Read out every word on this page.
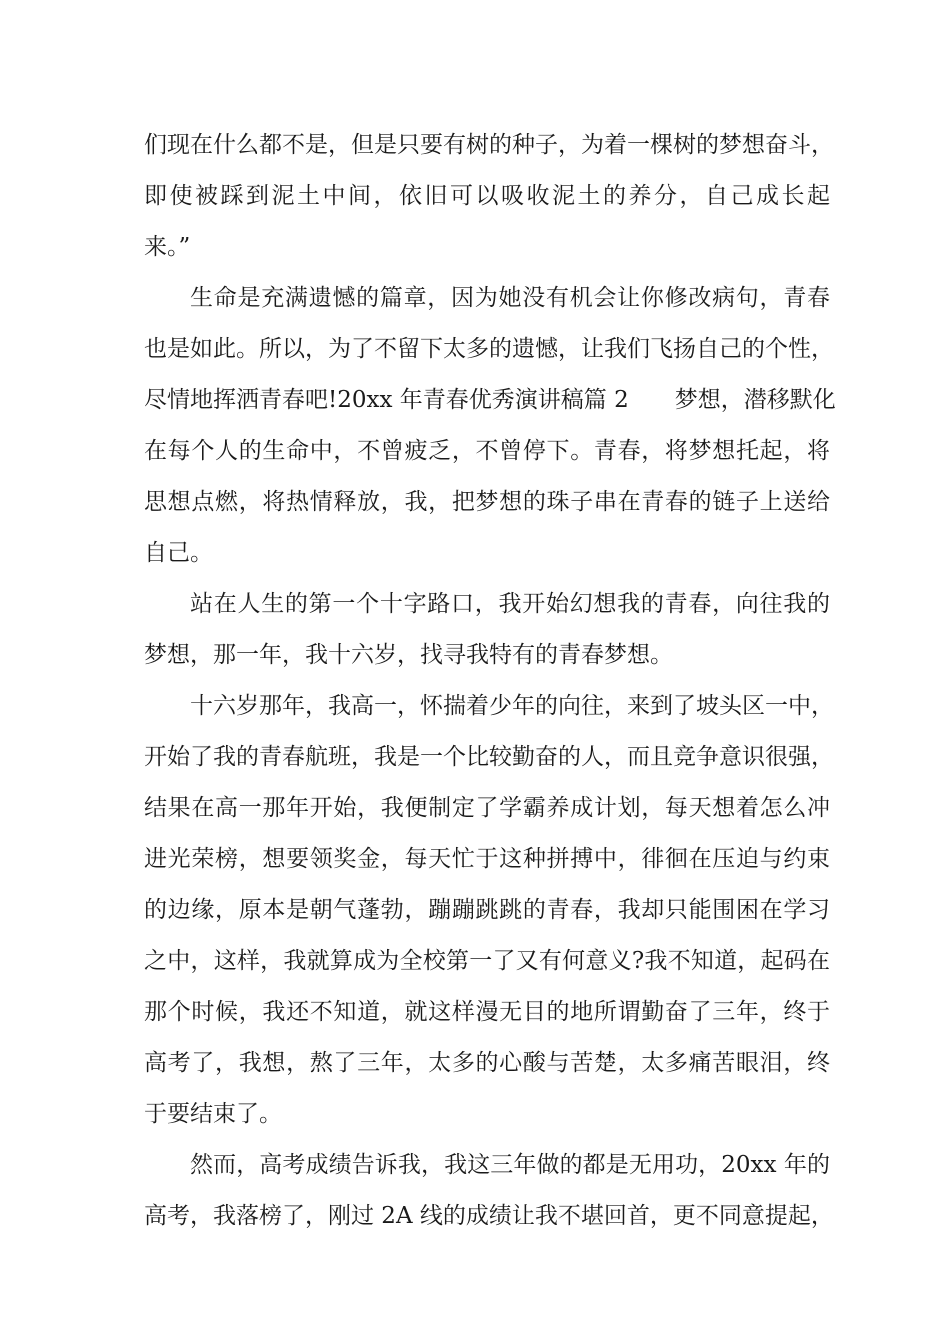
们现在什么都不是，但是只要有树的种子，为着一棵树的梦想奋斗，
即使被踩到泥土中间，依旧可以吸收泥土的养分，自己成长起
来。”
生命是充满遗憾的篇章，因为她没有机会让你修改病句，青春
也是如此。所以，为了不留下太多的遗憾，让我们飞扬自己的个性，
尽情地挥洒青春吧!20xx 年青春优秀演讲稿篇 2　　梦想，潜移默化
在每个人的生命中，不曾疲乏，不曾停下。青春，将梦想托起，将
思想点燃，将热情释放，我，把梦想的珠子串在青春的链子上送给
自己。
站在人生的第一个十字路口，我开始幻想我的青春，向往我的
梦想，那一年，我十六岁，找寻我特有的青春梦想。
十六岁那年，我高一，怀揣着少年的向往，来到了坡头区一中，
开始了我的青春航班，我是一个比较勤奋的人，而且竞争意识很强，
结果在高一那年开始，我便制定了学霸养成计划，每天想着怎么冲
进光荣榜，想要领奖金，每天忙于这种拼搏中，徘徊在压迫与约束
的边缘，原本是朝气蓬勃，蹦蹦跳跳的青春，我却只能围困在学习
之中，这样，我就算成为全校第一了又有何意义?我不知道，起码在
那个时候，我还不知道，就这样漫无目的地所谓勤奋了三年，终于
高考了，我想，熬了三年，太多的心酸与苦楚，太多痛苦眼泪，终
于要结束了。
然而，高考成绩告诉我，我这三年做的都是无用功，20xx 年的
高考，我落榜了，刚过 2A 线的成绩让我不堪回首，更不同意提起，
